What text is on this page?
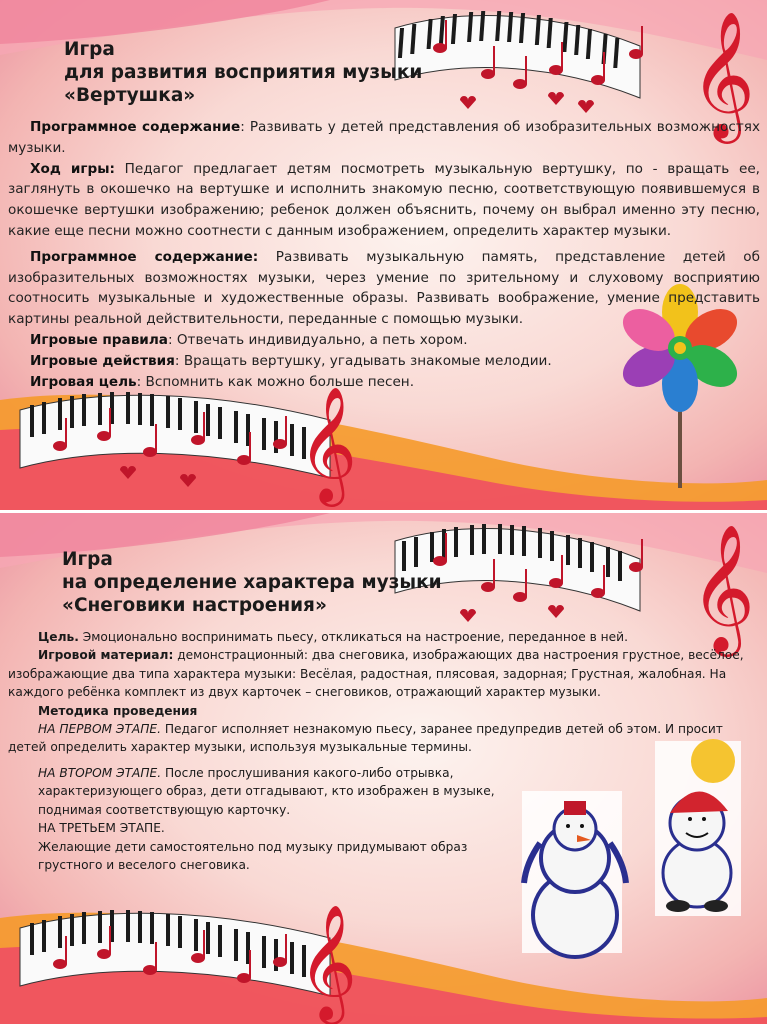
𝄞
𝄞
Игра
для развития восприятия музыки
«Вертушка»

Программное содержание: Развивать у детей представления об изобразительных возможностях музыки.

Ход игры: Педагог предлагает детям посмотреть музыкальную вертушку, по - вращать ее, заглянуть в окошечко на вертушке и исполнить знакомую песню, соответствующую появившемуся в окошечке вертушки изображению; ребенок должен объяснить, почему он выбрал именно эту песню, какие еще песни можно соотнести с данным изображением, определить характер музыки.

Программное содержание: Развивать музыкальную память, представление детей об изобразительных возможностях музыки, через умение по зрительному и слуховому восприятию соотносить музыкальные и художественные образы. Развивать воображение, умение представить картины реальной действительности, переданные с помощью музыки.

Игровые правила: Отвечать индивидуально, а петь хором.

Игровые действия: Вращать вертушку, угадывать знакомые мелодии.

Игровая цель: Вспомнить как можно больше песен.

𝄞
𝄞
Игра
на определение характера музыки
«Снеговики настроения»

Цель. Эмоционально воспринимать пьесу, откликаться на настроение, переданное в ней.

Игровой материал: демонстрационный: два снеговика, изображающих два настроения грустное, весёлое, изображающие два типа характера музыки: Весёлая, радостная, плясовая, задорная; Грустная, жалобная. На каждого ребёнка комплект из двух карточек – снеговиков, отражающий характер музыки.

Методика проведения

НА ПЕРВОМ ЭТАПЕ. Педагог исполняет незнакомую пьесу, заранее предупредив детей об этом. И просит детей определить характер музыки, используя музыкальные термины.

НА ВТОРОМ ЭТАПЕ. После прослушивания какого-либо отрывка, характеризующего образ, дети отгадывают, кто изображен в музыке, поднимая соответствующую карточку.

НА ТРЕТЬЕМ ЭТАПЕ.

Желающие дети самостоятельно под музыку придумывают образ грустного и веселого снеговика.
